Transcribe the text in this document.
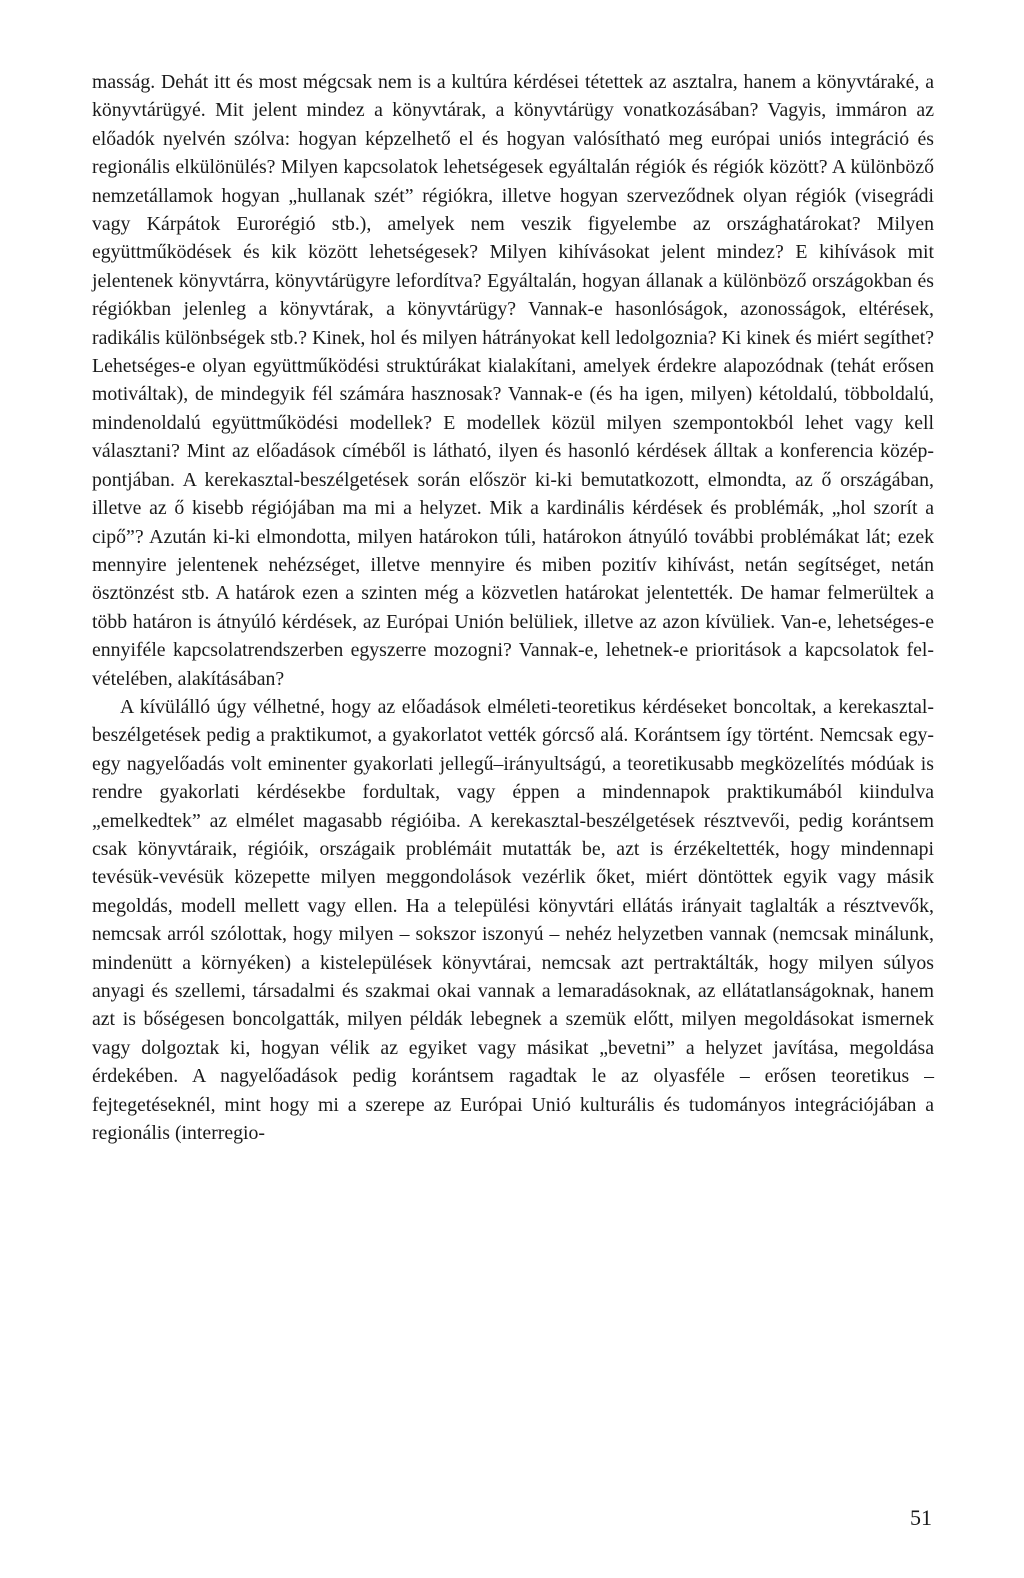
masság. Dehát itt és most mégcsak nem is a kultúra kérdései tétettek az asztalra, hanem a könyvtáraké, a könyvtárügyé. Mit jelent mindez a könyvtárak, a könyvtárügy vonatkozásában? Vagyis, immáron az előadók nyelvén szólva: hogyan képzelhető el és hogyan valósítható meg európai uniós integráció és regionális elkülönülés? Milyen kapcsolatok lehetségesek egyáltalán régiók és régiók között? A különböző nemzetállamok hogyan „hullanak szét” régiókra, illetve hogyan szerveződnek olyan régiók (visegrádi vagy Kárpátok Eurorégió stb.), amelyek nem veszik figyelembe az országhatárokat? Milyen együttműködések és kik között lehetségesek? Milyen kihívásokat jelent mindez? E kihívások mit jelentenek könyvtárra, könyvtárügyre lefordítva? Egyáltalán, hogyan állanak a különböző országokban és régiókban jelenleg a könyvtárak, a könyvtárügy? Vannak-e hasonlóságok, azonosságok, eltérések, radikális különbségek stb.? Kinek, hol és milyen hátrányokat kell ledolgoznia? Ki kinek és miért segíthet? Lehetséges-e olyan együttműködési struktúrákat kialakítani, amelyek érdekre alapozódnak (tehát erősen motiváltak), de mindegyik fél számára hasznosak? Vannak-e (és ha igen, milyen) kétoldalú, többoldalú, mindenoldalú együttműködési modellek? E modellek közül milyen szempontokból lehet vagy kell választani? Mint az előadások címéből is látható, ilyen és hasonló kérdések álltak a konferencia középpontjában. A kerekasztal-beszélgetések során először ki-ki bemutatkozott, elmondta, az ő országában, illetve az ő kisebb régiójában ma mi a helyzet. Mik a kardinális kérdések és problémák, „hol szorít a cipő”? Azután ki-ki elmondotta, milyen határokon túli, határokon átnyúló további problémákat lát; ezek mennyire jelentenek nehézséget, illetve mennyire és miben pozitív kihívást, netán segítséget, netán ösztönzést stb. A határok ezen a szinten még a közvetlen határokat jelentették. De hamar felmerültek a több határon is átnyúló kérdések, az Európai Unión belüliek, illetve az azon kívüliek. Van-e, lehetséges-e ennyiféle kapcsolatrendszerben egyszerre mozogni? Vannak-e, lehetnek-e prioritások a kapcsolatok felvételében, alakításában?

A kívülálló úgy vélhetné, hogy az előadások elméleti-teoretikus kérdéseket boncoltak, a kerekasztal-beszélgetések pedig a praktikumot, a gyakorlatot vették górcső alá. Korántsem így történt. Nemcsak egy-egy nagyelőadás volt eminenter gyakorlati jellegű–irányultságú, a teoretikusabb megközelítés módúak is rendre gyakorlati kérdésekbe fordultak, vagy éppen a mindennapok praktikumából kiindulva „emelkedtek” az elmélet magasabb régióiba. A kerekasztal-beszélgetések résztvevői, pedig korántsem csak könyvtáraik, régióik, országaik problémáit mutatták be, azt is érzékeltették, hogy mindennapi tevésük-vevésük közepette milyen meggondolások vezérlik őket, miért döntöttek egyik vagy másik megoldás, modell mellett vagy ellen. Ha a települési könyvtári ellátás irányait taglalták a résztvevők, nemcsak arról szólottak, hogy milyen – sokszor iszonyú – nehéz helyzetben vannak (nemcsak minálunk, mindenütt a környéken) a kistelepülések könyvtárai, nemcsak azt pertraktálták, hogy milyen súlyos anyagi és szellemi, társadalmi és szakmai okai vannak a lemaradásoknak, az ellátatlanságoknak, hanem azt is bőségesen boncolgatták, milyen példák lebegnek a szemük előtt, milyen megoldásokat ismernek vagy dolgoztak ki, hogyan vélik az egyiket vagy másikat „bevetni” a helyzet javítása, megoldása érdekében. A nagyelőadások pedig korántsem ragadtak le az olyasféle – erősen teoretikus – fejtegetéseknél, mint hogy mi a szerepe az Európai Unió kulturális és tudományos integrációjában a regionális (interregio-

51
